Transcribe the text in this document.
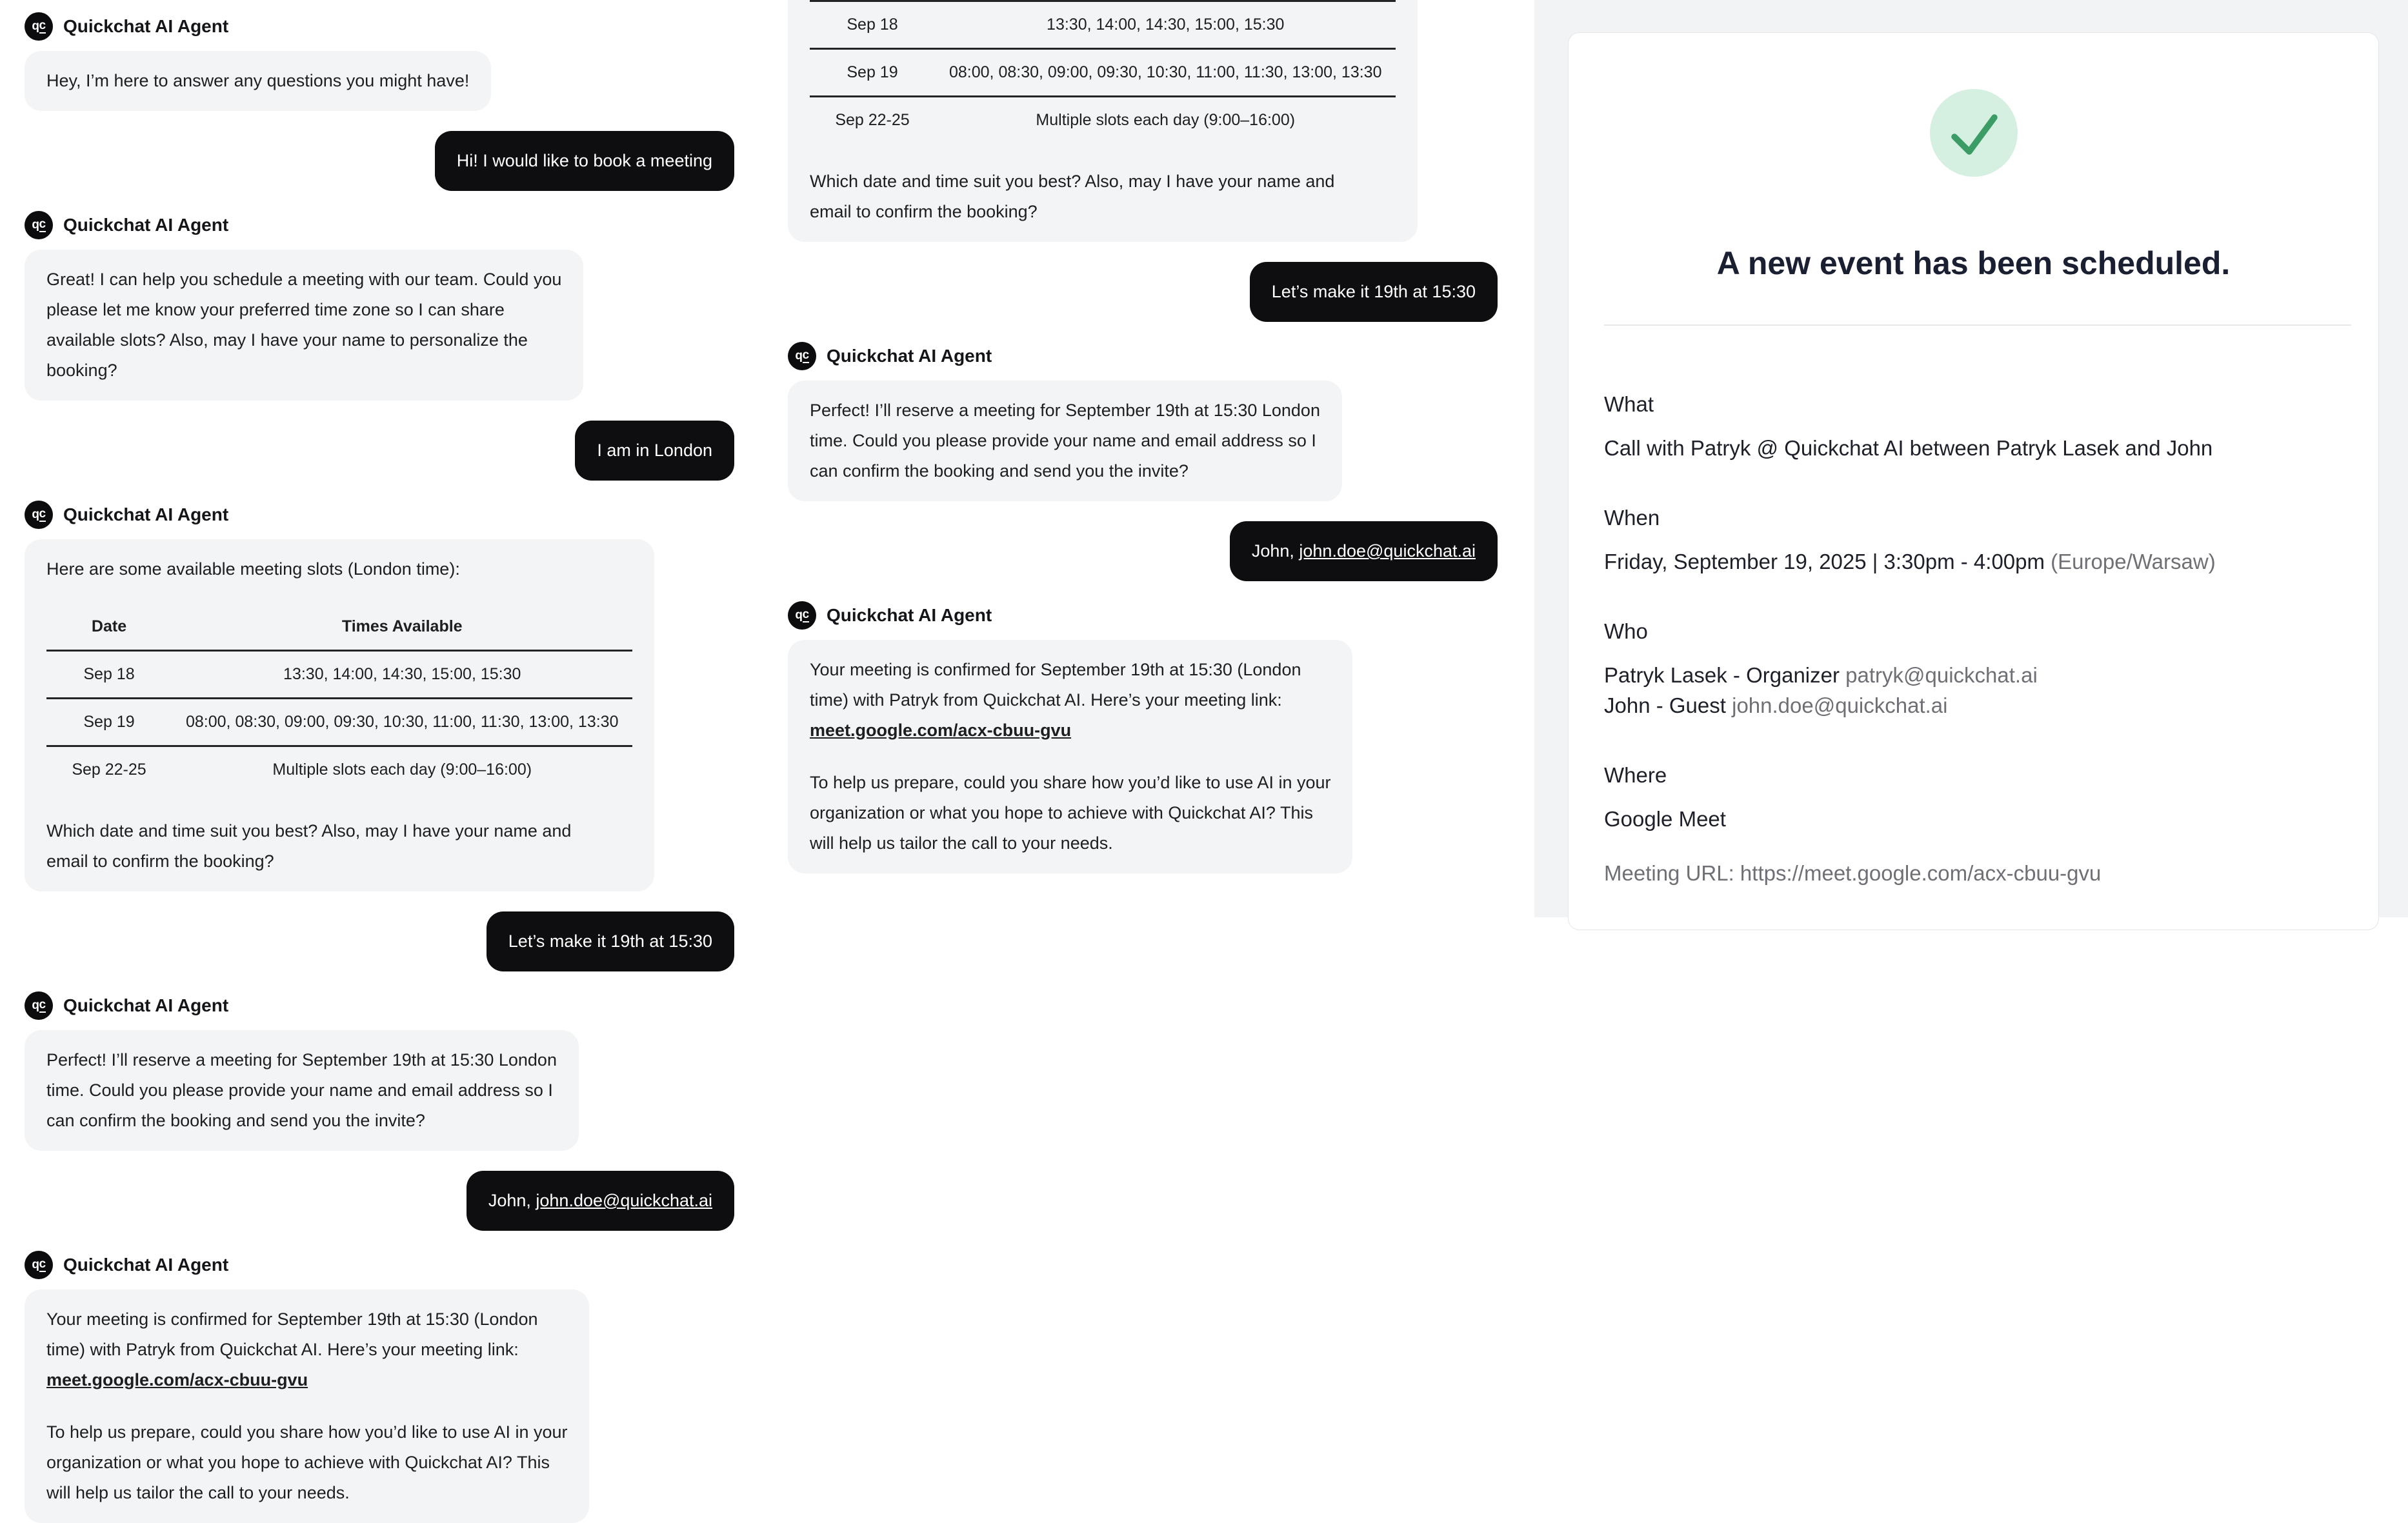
q c Quickchat AI Agent

Hey, I’m here to answer any questions you might have!

Hi! I would like to book a meeting

q c Quickchat AI Agent

Great! I can help you schedule a meeting with our team. Could you
please let me know your preferred time zone so I can share
available slots? Also, may I have your name to personalize the
booking?

I am in London

q c Quickchat AI Agent

Here are some available meeting slots (London time):

Date	Times Available
Sep 18	13:30, 14:00, 14:30, 15:00, 15:30
Sep 19	08:00, 08:30, 09:00, 09:30, 10:30, 11:00, 11:30, 13:00, 13:30
Sep 22-25	Multiple slots each day (9:00–16:00)

Which date and time suit you best? Also, may I have your name and
email to confirm the booking?

Let’s make it 19th at 15:30

q c Quickchat AI Agent

Perfect! I’ll reserve a meeting for September 19th at 15:30 London
time. Could you please provide your name and email address so I
can confirm the booking and send you the invite?

John, john.doe@quickchat.ai

q c Quickchat AI Agent

Your meeting is confirmed for September 19th at 15:30 (London
time) with Patryk from Quickchat AI. Here’s your meeting link:
meet.google.com/acx-cbuu-gvu

To help us prepare, could you share how you’d like to use AI in your
organization or what you hope to achieve with Quickchat AI? This
will help us tailor the call to your needs.

Sep 18	13:30, 14:00, 14:30, 15:00, 15:30
Sep 19	08:00, 08:30, 09:00, 09:30, 10:30, 11:00, 11:30, 13:00, 13:30
Sep 22-25	Multiple slots each day (9:00–16:00)

Which date and time suit you best? Also, may I have your name and
email to confirm the booking?

Let’s make it 19th at 15:30

q c Quickchat AI Agent

Perfect! I’ll reserve a meeting for September 19th at 15:30 London
time. Could you please provide your name and email address so I
can confirm the booking and send you the invite?

John, john.doe@quickchat.ai

q c Quickchat AI Agent

Your meeting is confirmed for September 19th at 15:30 (London
time) with Patryk from Quickchat AI. Here’s your meeting link:
meet.google.com/acx-cbuu-gvu

To help us prepare, could you share how you’d like to use AI in your
organization or what you hope to achieve with Quickchat AI? This
will help us tailor the call to your needs.

A new event has been scheduled.
What
Call with Patryk @ Quickchat AI between Patryk Lasek and John
When
Friday, September 19, 2025 | 3:30pm - 4:00pm (Europe/Warsaw)
Who
Patryk Lasek - Organizer patryk@quickchat.ai
John - Guest john.doe@quickchat.ai
Where
Google Meet
Meeting URL: https://meet.google.com/acx-cbuu-gvu
